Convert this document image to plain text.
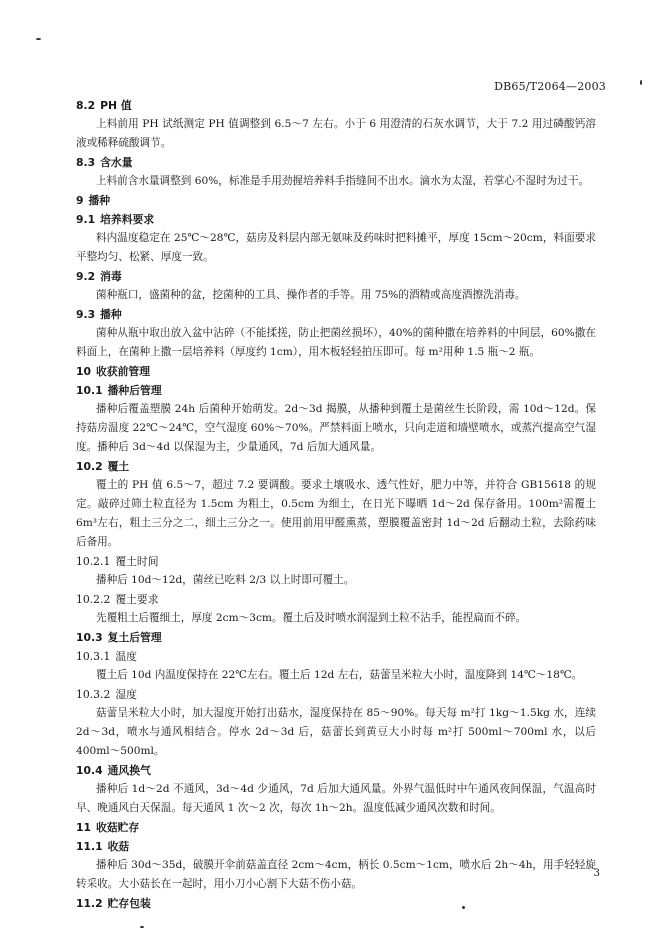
DB65/T2064—2003
8.2 PH 值
上料前用 PH 试纸测定 PH 值调整到 6.5～7 左右。小于 6 用澄清的石灰水调节，大于 7.2 用过磷酸钙溶液或稀释硫酸调节。
8.3 含水量
上料前含水量调整到 60%，标准是手用劲握培养料手指缝间不出水。滴水为太湿，若掌心不湿时为过干。
9 播种
9.1 培养料要求
料内温度稳定在 25℃～28℃，菇房及料层内部无氨味及药味时把料摊平，厚度 15cm～20cm，料面要求平整均匀、松紧、厚度一致。
9.2 消毒
菌种瓶口，盛菌种的盆，挖菌种的工具、操作者的手等。用 75%的酒精或高度酒擦洗消毒。
9.3 播种
菌种从瓶中取出放入盆中沾碎（不能揉搓，防止把菌丝损坏），40%的菌种撒在培养料的中间层，60%撒在料面上，在菌种上撒一层培养料（厚度约 1cm），用木板轻轻拍压即可。每 m²用种 1.5 瓶～2 瓶。
10 收获前管理
10.1 播种后管理
播种后覆盖塑膜 24h 后菌种开始萌发。2d～3d 揭膜，从播种到覆土是菌丝生长阶段，需 10d～12d。保持菇房温度 22℃～24℃，空气湿度 60%～70%。严禁料面上喷水，只向走道和墙壁喷水，或蒸汽提高空气湿度。播种后 3d～4d 以保湿为主，少量通风，7d 后加大通风量。
10.2 覆土
覆土的 PH 值 6.5～7，超过 7.2 要调酸。要求土壤吸水、透气性好，肥力中等，并符合 GB15618 的规定。敲碎过筛土粒直径为 1.5cm 为粗土，0.5cm 为细土，在日光下曝晒 1d～2d 保存备用。100m²需覆土 6m³左右，粗土三分之二，细土三分之一。使用前用甲醛熏蒸，塑膜覆盖密封 1d～2d 后翻动土粒，去除药味后备用。
10.2.1 覆土时间
播种后 10d～12d，菌丝已吃料 2/3 以上时即可覆土。
10.2.2 覆土要求
先覆粗土后覆细土，厚度 2cm～3cm。覆土后及时喷水润湿到土粒不沾手，能捏扁而不碎。
10.3 复土后管理
10.3.1 温度
覆土后 10d 内温度保持在 22℃左右。覆土后 12d 左右，菇蕾呈米粒大小时，温度降到 14℃～18℃。
10.3.2 湿度
菇蕾呈米粒大小时，加大湿度开始打出菇水，湿度保持在 85～90%。每天每 m²打 1kg～1.5kg 水，连续 2d～3d，喷水与通风相结合。停水 2d～3d 后，菇蕾长到黄豆大小时每 m²打 500ml～700ml 水，以后 400ml～500ml。
10.4 通风换气
播种后 1d～2d 不通风，3d～4d 少通风，7d 后加大通风量。外界气温低时中午通风夜间保温，气温高时早、晚通风白天保温。每天通风 1 次～2 次，每次 1h～2h。温度低减少通风次数和时间。
11 收菇贮存
11.1 收菇
播种后 30d～35d，破膜开伞前菇盖直径 2cm～4cm，柄长 0.5cm～1cm，喷水后 2h～4h，用手轻轻旋转采收。大小菇长在一起时，用小刀小心割下大菇不伤小菇。
11.2 贮存包装
3
